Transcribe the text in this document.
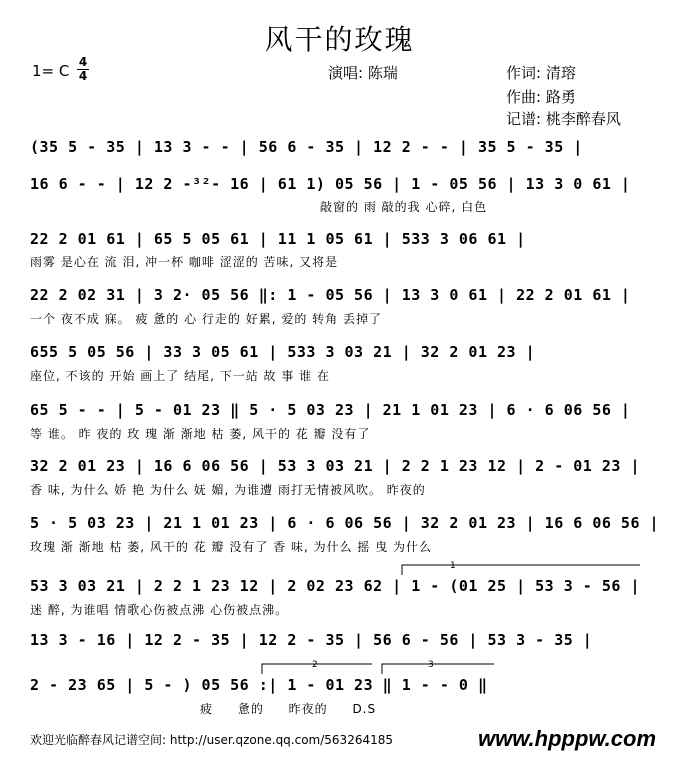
风干的玫瑰
1= C 4
4	演唱: 陈瑞	作词: 清瑢
作曲: 路勇
记谱: 桃李醉春风
(35 5 - 35 | 13 3 - - | 56 6 - 35 | 12 2 - - | 35 5 - 35 |
16 6 - - | 12 2 -³²- 16 | 61 1) 05 56 | 1 - 05 56 | 13 3 0 61 |
敲窗的 雨 敲的我 心碎, 白色
22 2 01 61 | 65 5 05 61 | 11 1 05 61 | 533 3 06 61 |
雨雾 是心在 流 泪, 冲一杯 咖啡 涩涩的 苦味, 又将是
22 2 02 31 | 3 2· 05 56 ‖: 1 - 05 56 | 13 3 0 61 | 22 2 01 61 |
一个 夜不成 寐。 疲 惫的 心 行走的 好累, 爱的 转角 丢掉了
655 5 05 56 | 33 3 05 61 | 533 3 03 21 | 32 2 01 23 |
座位, 不该的 开始 画上了 结尾, 下一站 故 事 谁 在
65 5 - - | 5 - 01 23 ‖ 5 · 5 03 23 | 21 1 01 23 | 6 · 6 06 56 |
等 谁。 昨 夜的 玫 瑰 渐 渐地 枯 萎, 风干的 花 瓣 没有了
32 2 01 23 | 16 6 06 56 | 53 3 03 21 | 2 2 1 23 12 | 2 - 01 23 |
香 味, 为什么 娇 艳 为什么 妩 媚, 为谁遭 雨打无情被风吹。 昨夜的
5 · 5 03 23 | 21 1 01 23 | 6 · 6 06 56 | 32 2 01 23 | 16 6 06 56 |
玫瑰 渐 渐地 枯 萎, 风干的 花 瓣 没有了 香 味, 为什么 摇 曳 为什么
53 3 03 21 | 2 2 1 23 12 | 2 02 23 62 | 1 - (01 25 | 53 3 - 56 |
迷 醉, 为谁唱 情歌心伤被点沸 心伤被点沸。
13 3 - 16 | 12 2 - 35 | 12 2 - 35 | 56 6 - 56 | 53 3 - 35 |
2 - 23 65 | 5 - ) 05 56 :| 1 - 01 23 ‖ 1 - - 0 ‖
疲 惫的 昨夜的 D.S
1
2	3
欢迎光临醉春风记谱空间: http://user.qzone.qq.com/563264185	www.hpppw.com
